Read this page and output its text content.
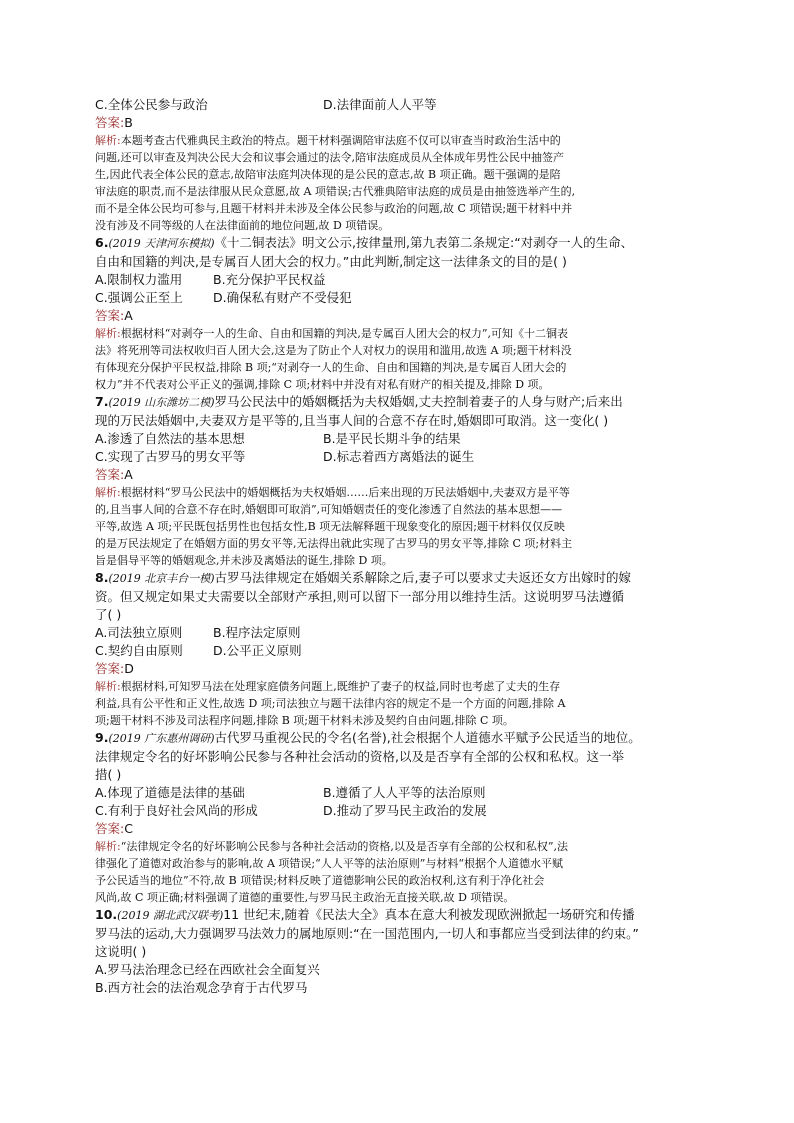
C.全体公民参与政治	D.法律面前人人平等
答案:B
解析:本题考查古代雅典民主政治的特点。题干材料强调陪审法庭不仅可以审查当时政治生活中的
问题,还可以审查及判决公民大会和议事会通过的法令,陪审法庭成员从全体成年男性公民中抽签产
生,因此代表全体公民的意志,故陪审法庭判决体现的是公民的意志,故 B 项正确。题干强调的是陪
审法庭的职责,而不是法律服从民众意愿,故 A 项错误;古代雅典陪审法庭的成员是由抽签选举产生的,
而不是全体公民均可参与,且题干材料并未涉及全体公民参与政治的问题,故 C 项错误;题干材料中并
没有涉及不同等级的人在法律面前的地位问题,故 D 项错误。
6.(2019 天津河东模拟)《十二铜表法》明文公示,按律量刑,第九表第二条规定:“对剥夺一人的生命、
自由和国籍的判决,是专属百人团大会的权力。”由此判断,制定这一法律条文的目的是( )
A.限制权力滥用	B.充分保护平民权益
C.强调公正至上	D.确保私有财产不受侵犯
答案:A
解析:根据材料“对剥夺一人的生命、自由和国籍的判决,是专属百人团大会的权力”,可知《十二铜表
法》将死刑等司法权收归百人团大会,这是为了防止个人对权力的误用和滥用,故选 A 项;题干材料没
有体现充分保护平民权益,排除 B 项;“对剥夺一人的生命、自由和国籍的判决,是专属百人团大会的
权力”并不代表对公平正义的强调,排除 C 项;材料中并没有对私有财产的相关提及,排除 D 项。
7.(2019 山东潍坊二模)罗马公民法中的婚姻概括为夫权婚姻,丈夫控制着妻子的人身与财产;后来出
现的万民法婚姻中,夫妻双方是平等的,且当事人间的合意不存在时,婚姻即可取消。这一变化( )
A.渗透了自然法的基本思想	B.是平民长期斗争的结果
C.实现了古罗马的男女平等	D.标志着西方离婚法的诞生
答案:A
解析:根据材料“罗马公民法中的婚姻概括为夫权婚姻……后来出现的万民法婚姻中,夫妻双方是平等
的,且当事人间的合意不存在时,婚姻即可取消”,可知婚姻责任的变化渗透了自然法的基本思想——
平等,故选 A 项;平民既包括男性也包括女性,B 项无法解释题干现象变化的原因;题干材料仅仅反映
的是万民法规定了在婚姻方面的男女平等,无法得出就此实现了古罗马的男女平等,排除 C 项;材料主
旨是倡导平等的婚姻观念,并未涉及离婚法的诞生,排除 D 项。
8.(2019 北京丰台一模)古罗马法律规定在婚姻关系解除之后,妻子可以要求丈夫返还女方出嫁时的嫁
资。但又规定如果丈夫需要以全部财产承担,则可以留下一部分用以维持生活。这说明罗马法遵循
了( )
A.司法独立原则	B.程序法定原则
C.契约自由原则	D.公平正义原则
答案:D
解析:根据材料,可知罗马法在处理家庭债务问题上,既维护了妻子的权益,同时也考虑了丈夫的生存
利益,具有公平性和正义性,故选 D 项;司法独立与题干法律内容的规定不是一个方面的问题,排除 A
项;题干材料不涉及司法程序问题,排除 B 项;题干材料未涉及契约自由问题,排除 C 项。
9.(2019 广东惠州调研)古代罗马重视公民的令名(名誉),社会根据个人道德水平赋予公民适当的地位。
法律规定令名的好坏影响公民参与各种社会活动的资格,以及是否享有全部的公权和私权。这一举
措( )
A.体现了道德是法律的基础	B.遵循了人人平等的法治原则
C.有利于良好社会风尚的形成	D.推动了罗马民主政治的发展
答案:C
解析:“法律规定令名的好坏影响公民参与各种社会活动的资格,以及是否享有全部的公权和私权”,法
律强化了道德对政治参与的影响,故 A 项错误;“人人平等的法治原则”与材料“根据个人道德水平赋
予公民适当的地位”不符,故 B 项错误;材料反映了道德影响公民的政治权利,这有利于净化社会
风尚,故 C 项正确;材料强调了道德的重要性,与罗马民主政治无直接关联,故 D 项错误。
10.(2019 湖北武汉联考)11 世纪末,随着《民法大全》真本在意大利被发现欧洲掀起一场研究和传播
罗马法的运动,大力强调罗马法效力的属地原则:“在一国范围内,一切人和事都应当受到法律的约束。”
这说明( )
A.罗马法治理念已经在西欧社会全面复兴
B.西方社会的法治观念孕育于古代罗马
